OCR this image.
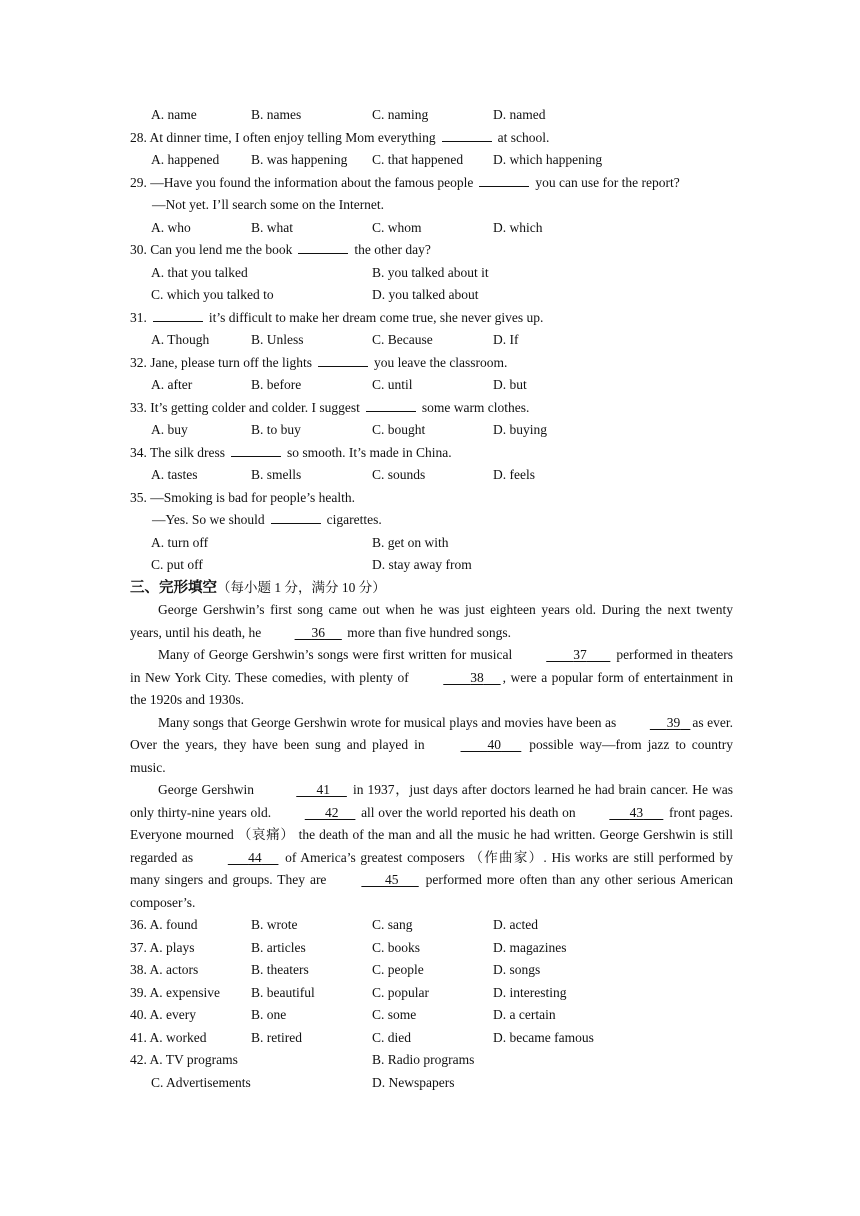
A. name	B. names	C. naming	D. named
28. At dinner time, I often enjoy telling Mom everything	at school.
A. happened B. was happening C. that happened D. which happening
29. —Have you found the information about the famous people	you can use for the report?
—Not yet. I’ll search some on the Internet.
A. who	B. what	C. whom	D. which
30. Can you lend me the book	the other day?
A. that you talked	B. you talked about it
C. which you talked to	D. you talked about
31.	it’s difficult to make her dream come true, she never gives up.
A. Though	B. Unless	C. Because	D. If
32. Jane, please turn off the lights	you leave the classroom.
A. after	B. before	C. until	D. but
33. It’s getting colder and colder. I suggest	some warm clothes.
A. buy	B. to buy	C. bought	D. buying
34. The silk dress	so smooth. It’s made in China.
A. tastes	B. smells	C. sounds	D. feels
35. —Smoking is bad for people’s health.
—Yes. So we should	cigarettes.
A. turn off	B. get on with
C. put off	D. stay away from
三、完形填空（每小题 1 分，满分 10 分）
George Gershwin’s first song came out when he was just eighteen years old. During the next twenty years, until his death, he	36 more than five hundred songs.
Many of George Gershwin’s songs were first written for musical	37 performed in theaters in New York City. These comedies, with plenty of	38 , were a popular form of entertainment in the 1920s and 1930s.
Many songs that George Gershwin wrote for musical plays and movies have been as	39 as ever. Over the years, they have been sung and played in	40 possible way—from jazz to country music.
George Gershwin	41 in 1937，just days after doctors learned he had brain cancer. He was only thirty-nine years old.	42 all over the world reported his death on	43 front pages. Everyone mourned （哀痛） the death of the man and all the music he had written. George Gershwin is still regarded as	44 of America’s greatest composers （作曲家）. His works are still performed by many singers and groups. They are	45 performed more often than any other serious American composer’s.
36. A. found	B. wrote	C. sang	D. acted
37. A. plays	B. articles	C. books	D. magazines
38. A. actors	B. theaters	C. people	D. songs
39. A. expensive B. beautiful	C. popular	D. interesting
40. A. every	B. one	C. some	D. a certain
41. A. worked	B. retired	C. died	D. became famous
42. A. TV programs	B. Radio programs
C. Advertisements	D. Newspapers
